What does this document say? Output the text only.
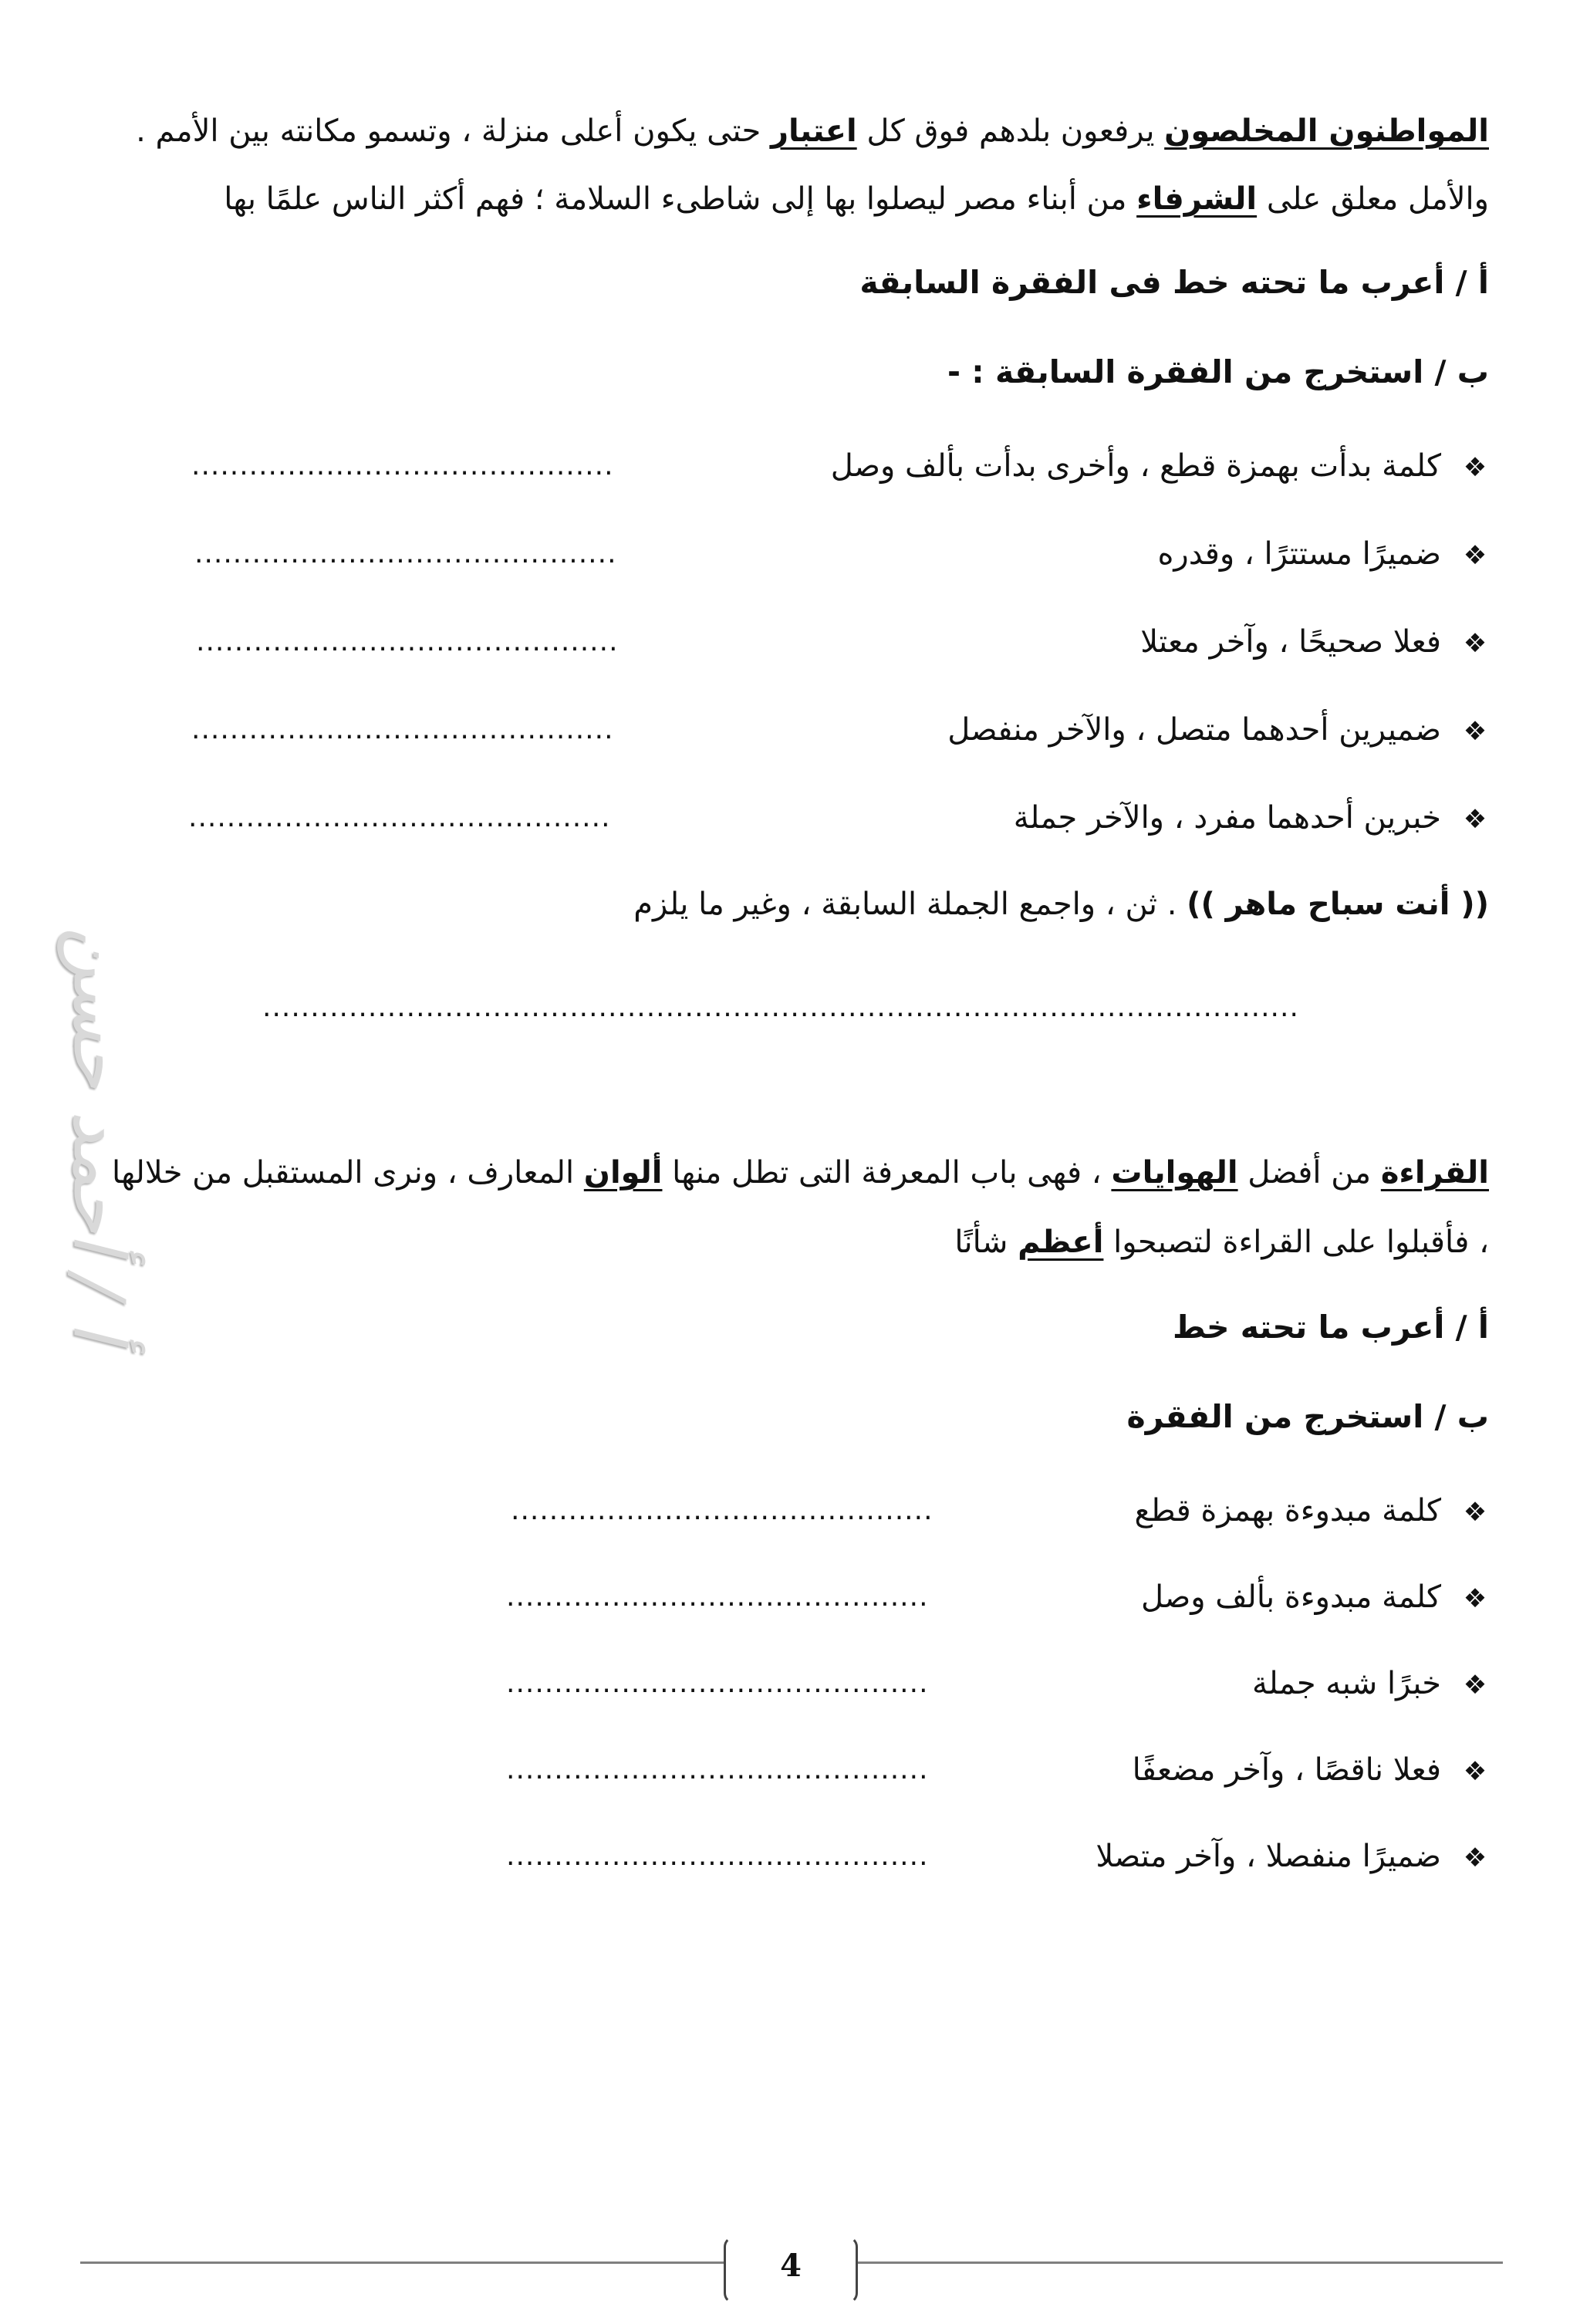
المواطنون المخلصون يرفعون بلدهم فوق كل اعتبار حتى يكون أعلى منزلة ، وتسمو مكانته بين الأمم .
والأمل معلق على الشرفاء من أبناء مصر ليصلوا بها إلى شاطىء السلامة ؛ فهم أكثر الناس علمًا بها
أ / أعرب ما تحته خط فى الفقرة السابقة
ب / استخرج من الفقرة السابقة : -
❖كلمة بدأت بهمزة قطع ، وأخرى بدأت بألف وصل
............................................
❖ضميرًا مستترًا ، وقدره
............................................
❖فعلا صحيحًا ، وآخر معتلا
............................................
❖ضميرين أحدهما متصل ، والآخر منفصل
............................................
❖خبرين أحدهما مفرد ، والآخر جملة
............................................
(( أنت سباح ماهر )) . ثن ، واجمع الجملة السابقة ، وغير ما يلزم
............................................................................................................
القراءة من أفضل الهوايات ، فهى باب المعرفة التى تطل منها ألوان المعارف ، ونرى المستقبل من خلالها
، فأقبلوا على القراءة لتصبحوا أعظم شأنًا
أ / أعرب ما تحته خط
ب / استخرج من الفقرة
❖كلمة مبدوءة بهمزة قطع
............................................
❖كلمة مبدوءة بألف وصل
............................................
❖خبرًا شبه جملة
............................................
❖فعلا ناقصًا ، وآخر مضعفًا
............................................
❖ضميرًا منفصلا ، وآخر متصلا
............................................
أ / أحمد حسن
4
